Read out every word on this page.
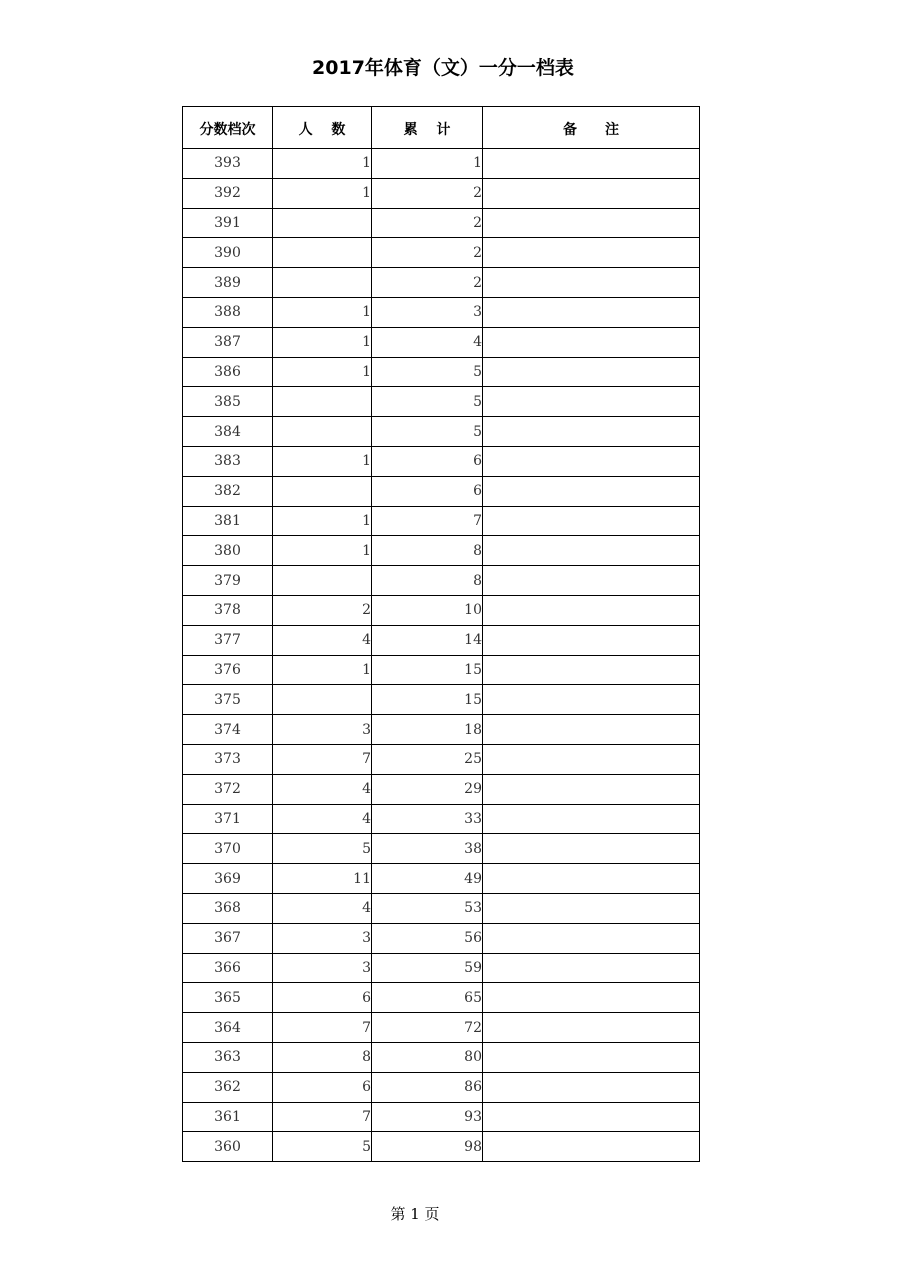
2017年体育（文）一分一档表
分数档次	人　 数	累　 计	备　　注
393	1	1	
392	1	2	
391		2	
390		2	
389		2	
388	1	3	
387	1	4	
386	1	5	
385		5	
384		5	
383	1	6	
382		6	
381	1	7	
380	1	8	
379		8	
378	2	10	
377	4	14	
376	1	15	
375		15	
374	3	18	
373	7	25	
372	4	29	
371	4	33	
370	5	38	
369	11	49	
368	4	53	
367	3	56	
366	3	59	
365	6	65	
364	7	72	
363	8	80	
362	6	86	
361	7	93	
360	5	98	
第 1 页
